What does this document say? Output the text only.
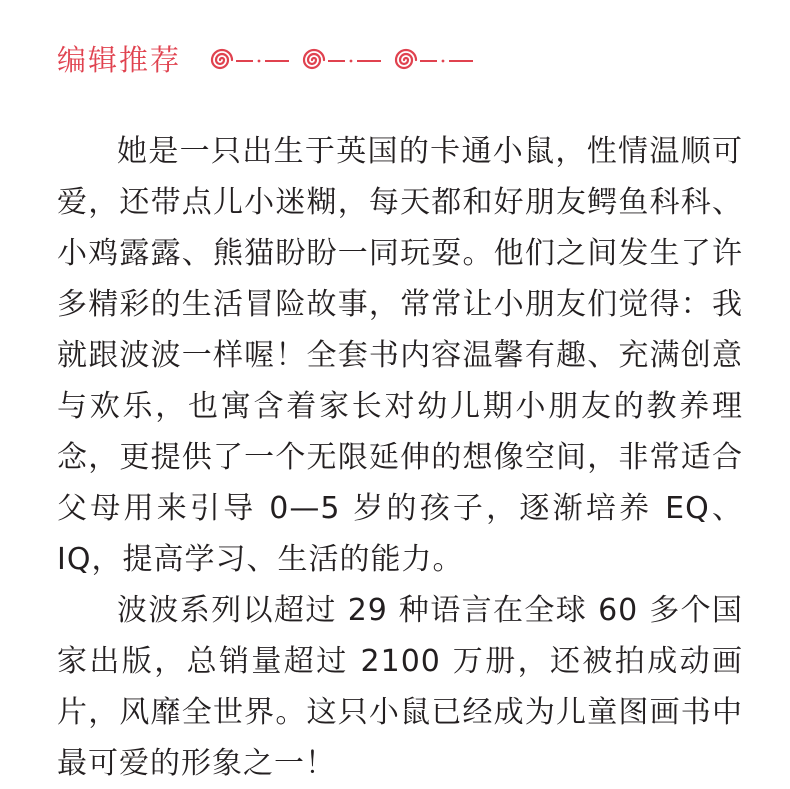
编辑推荐

她是一只出生于英国的卡通小鼠，性情温顺可爱，还带点儿小迷糊，每天都和好朋友鳄鱼科科、小鸡露露、熊猫盼盼一同玩耍。他们之间发生了许多精彩的生活冒险故事，常常让小朋友们觉得：我就跟波波一样喔！全套书内容温馨有趣、充满创意与欢乐，也寓含着家长对幼儿期小朋友的教养理念，更提供了一个无限延伸的想像空间，非常适合父母用来引导 0—5 岁的孩子，逐渐培养 EQ、IQ，提高学习、生活的能力。

波波系列以超过 29 种语言在全球 60 多个国家出版，总销量超过 2100 万册，还被拍成动画片，风靡全世界。这只小鼠已经成为儿童图画书中最可爱的形象之一！
